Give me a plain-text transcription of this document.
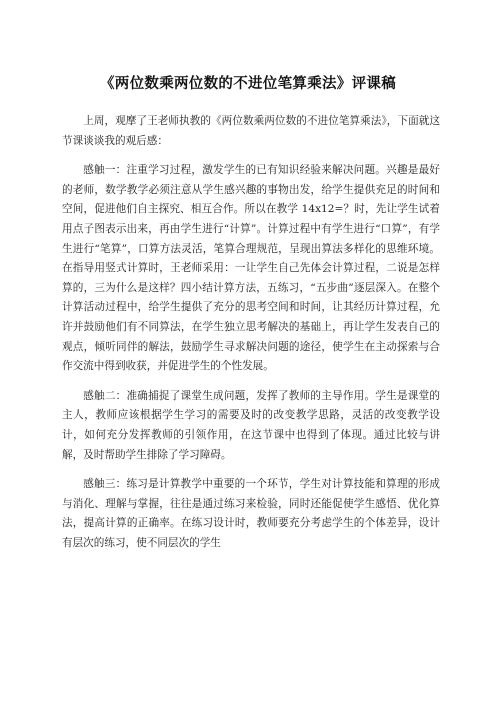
《两位数乘两位数的不进位笔算乘法》评课稿

上周，观摩了王老师执教的《两位数乘两位数的不进位笔算乘法》，下面就这节课谈谈我的观后感：

感触一：注重学习过程，激发学生的已有知识经验来解决问题。兴趣是最好的老师，数学教学必须注意从学生感兴趣的事物出发，给学生提供充足的时间和空间，促进他们自主探究、相互合作。所以在教学 14x12=？时，先让学生试着用点子图表示出来，再由学生进行“计算”。计算过程中有学生进行“口算”，有学生进行“笔算”，口算方法灵活，笔算合理规范，呈现出算法多样化的思维环境。在指导用竖式计算时，王老师采用：一让学生自己先体会计算过程，二说是怎样算的，三为什么是这样？四小结计算方法，五练习，“五步曲”逐层深入。在整个计算活动过程中，给学生提供了充分的思考空间和时间，让其经历计算过程，允许并鼓励他们有不同算法，在学生独立思考解决的基础上，再让学生发表自己的观点，倾听同伴的解法，鼓励学生寻求解决问题的途径，使学生在主动探索与合作交流中得到收获，并促进学生的个性发展。

感触二：准确捕捉了课堂生成问题，发挥了教师的主导作用。学生是课堂的主人，教师应该根据学生学习的需要及时的改变教学思路，灵活的改变教学设计，如何充分发挥教师的引领作用，在这节课中也得到了体现。通过比较与讲解，及时帮助学生排除了学习障碍。

感触三：练习是计算教学中重要的一个环节，学生对计算技能和算理的形成与消化、理解与掌握，往往是通过练习来检验，同时还能促使学生感悟、优化算法，提高计算的正确率。在练习设计时，教师要充分考虑学生的个体差异，设计有层次的练习，使不同层次的学生
